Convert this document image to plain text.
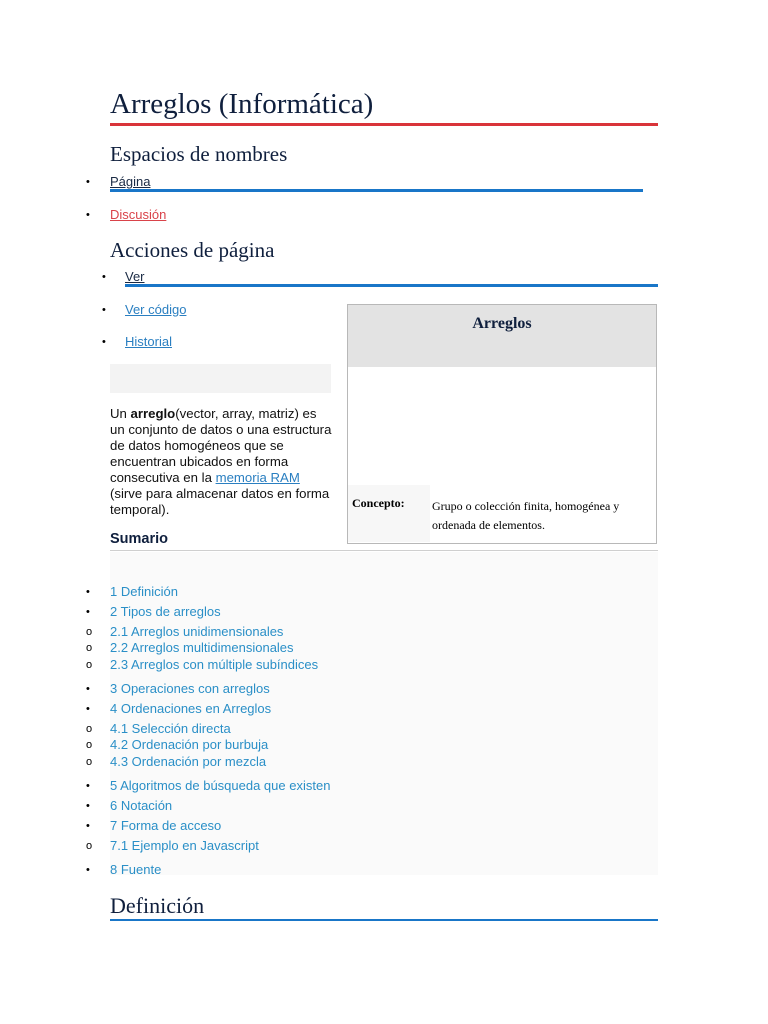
Arreglos (Informática)
Espacios de nombres
• Página
• Discusión
Acciones de página
• Ver
• Ver código
• Historial
Un arreglo(vector, array, matriz) es un conjunto de datos o una estructura de datos homogéneos que se encuentran ubicados en forma consecutiva en la memoria RAM (sirve para almacenar datos en forma temporal).
Arreglos
Concepto: Grupo o colección finita, homogénea y ordenada de elementos.
Sumario
• 1 Definición
• 2 Tipos de arreglos
o 2.1 Arreglos unidimensionales
o 2.2 Arreglos multidimensionales
o 2.3 Arreglos con múltiple subíndices
• 3 Operaciones con arreglos
• 4 Ordenaciones en Arreglos
o 4.1 Selección directa
o 4.2 Ordenación por burbuja
o 4.3 Ordenación por mezcla
• 5 Algoritmos de búsqueda que existen
• 6 Notación
• 7 Forma de acceso
o 7.1 Ejemplo en Javascript
• 8 Fuente
Definición
